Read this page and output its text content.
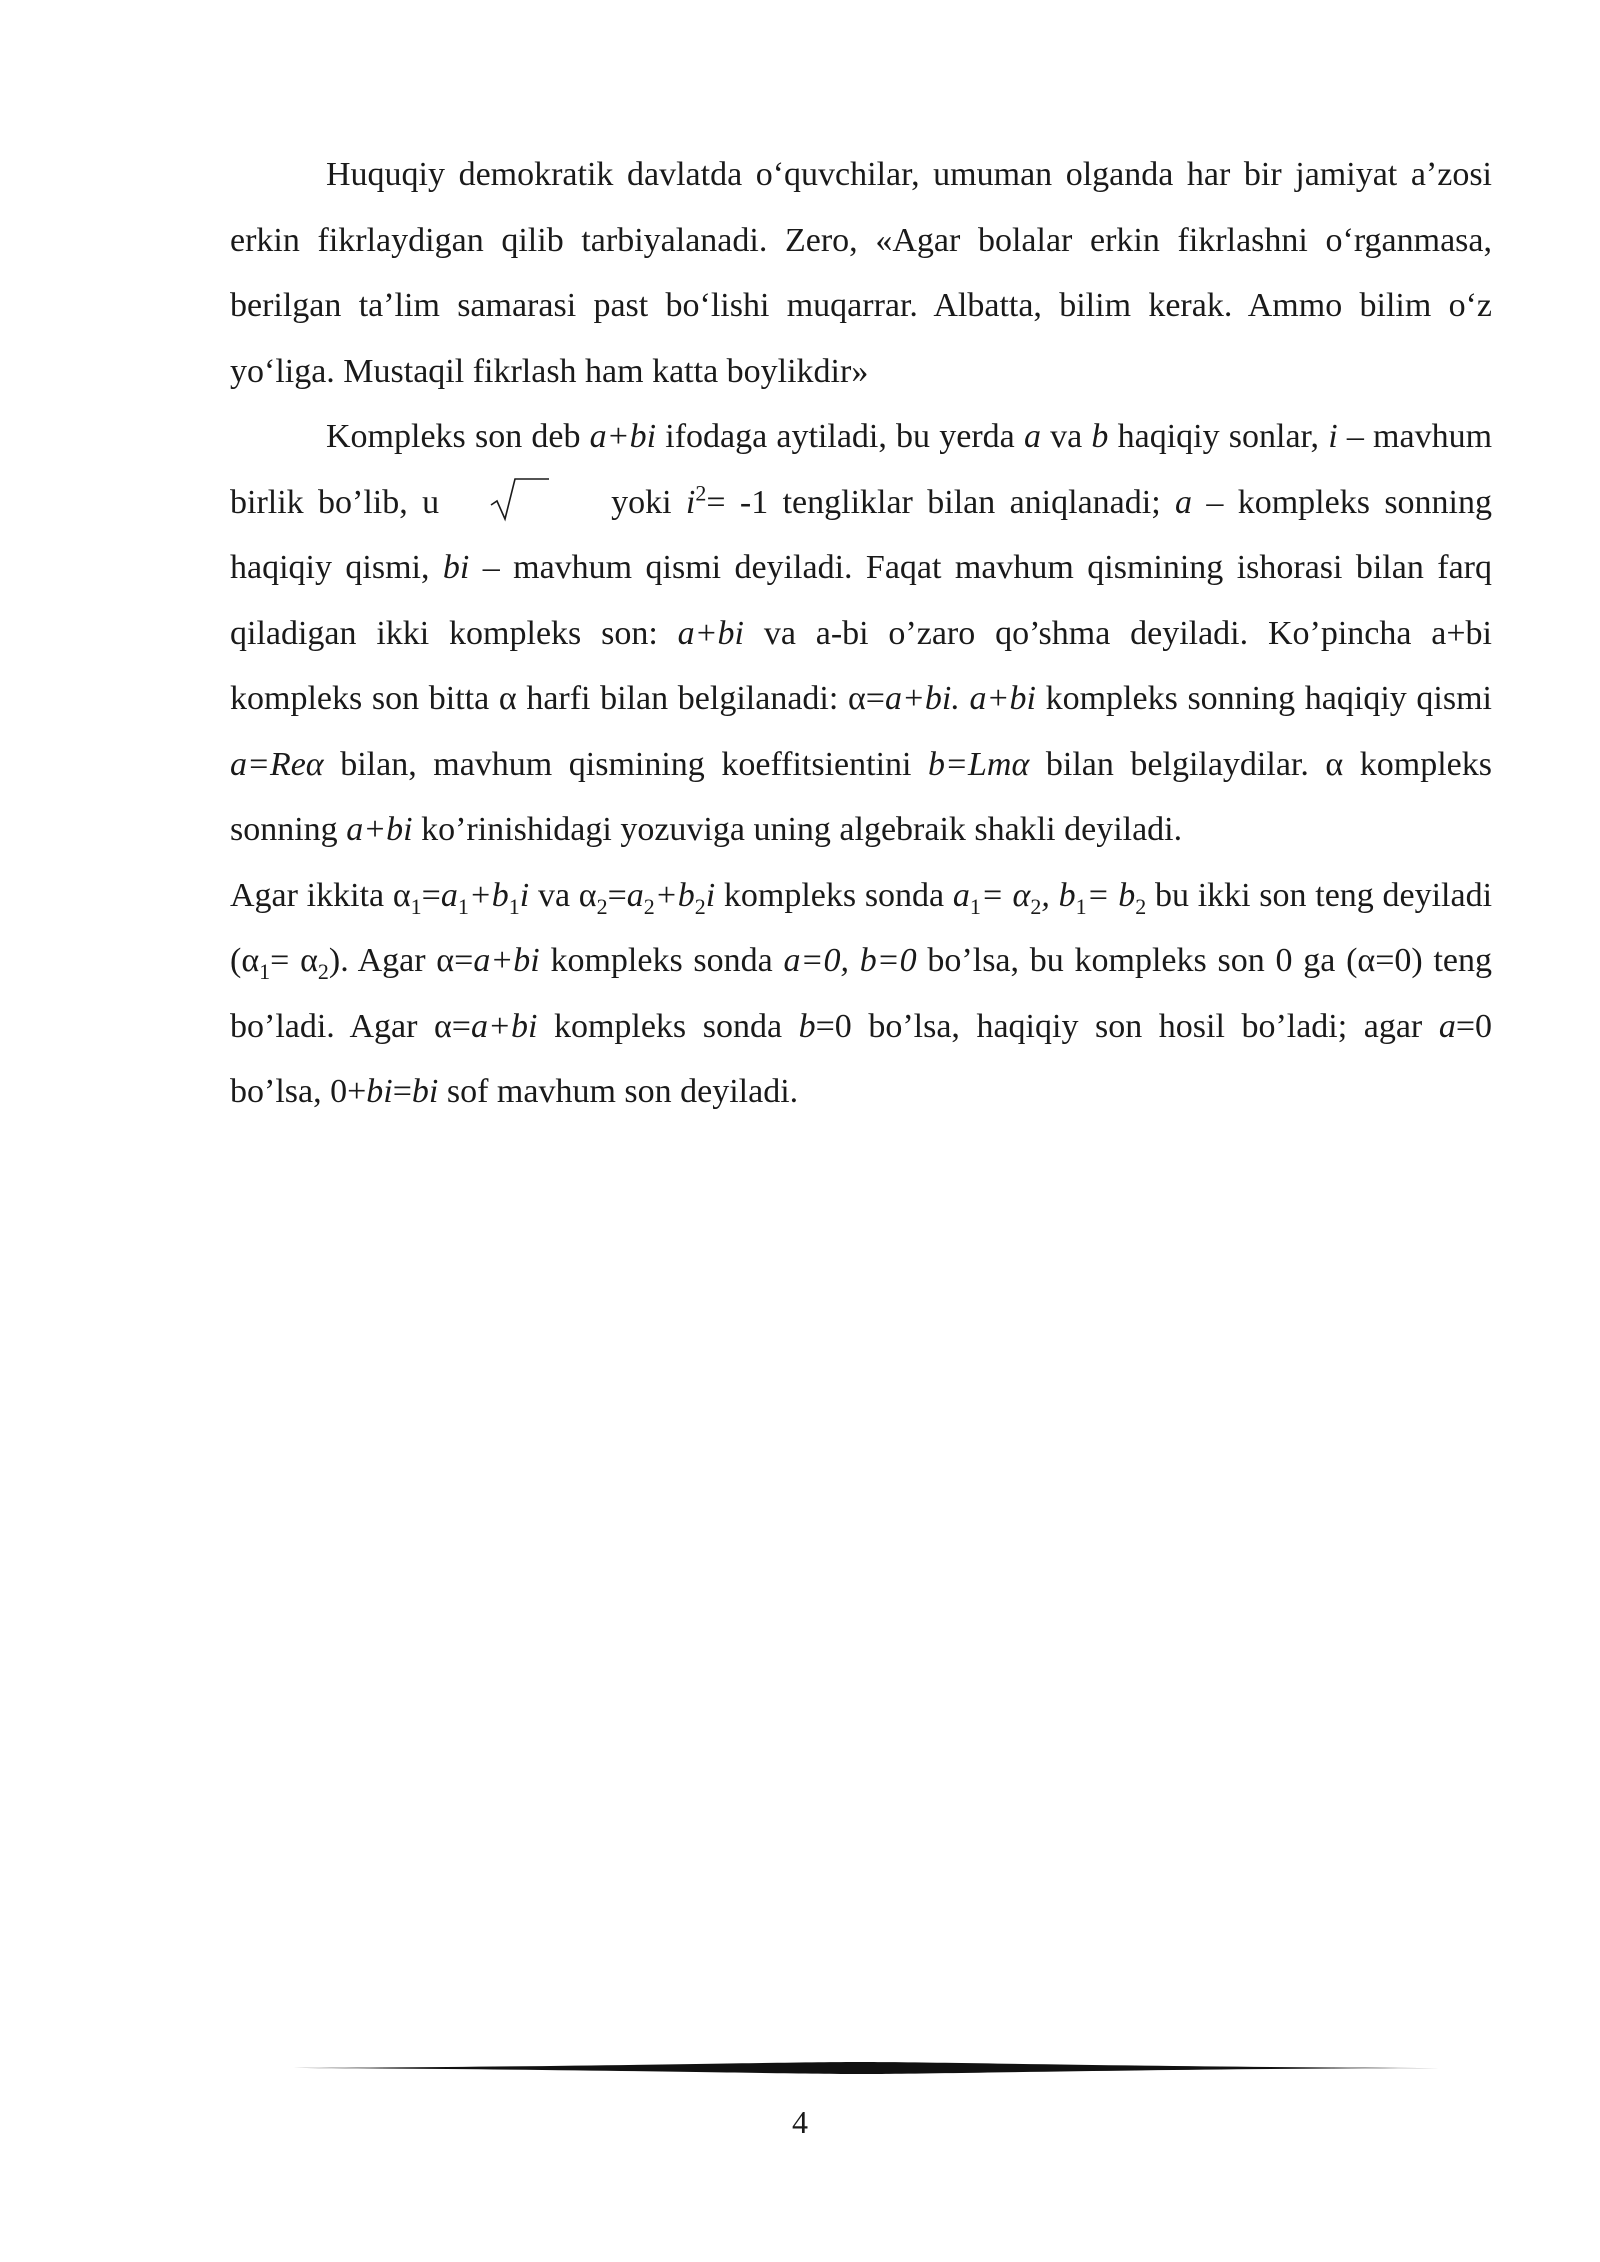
Huquqiy demokratik davlatda oʻquvchilar, umuman olganda har bir jamiyat aʼzosi erkin fikrlaydigan qilib tarbiyalanadi. Zero, «Agar bolalar erkin fikrlashni oʻrganmasa, berilgan taʼlim samarasi past boʻlishi muqarrar. Albatta, bilim kerak. Ammo bilim oʻz yoʻliga. Mustaqil fikrlash ham katta boylikdir»

Kompleks son deb a+bi ifodaga aytiladi, bu yerda a va b haqiqiy sonlar, i – mavhum birlik bo’lib, u	yoki $i^2= -1$ tengliklar bilan aniqlanadi; a – kompleks sonning haqiqiy qismi, bi – mavhum qismi deyiladi. Faqat mavhum qismining ishorasi bilan farq qiladigan ikki kompleks son: a+bi va a-bi o’zaro qo’shma deyiladi. Ko’pincha a+bi kompleks son bitta α harfi bilan belgilanadi: α=a+bi. a+bi kompleks sonning haqiqiy qismi a=Reα bilan, mavhum qismining koeffitsientini b=Lmα bilan belgilaydilar. α kompleks sonning a+bi ko’rinishidagi yozuviga uning algebraik shakli deyiladi.

Agar ikkita $\alpha_1=a_1+b_1i$ va $\alpha_2=a_2+b_2i$ kompleks sonda $a_1= \alpha_2$, $b_1= b_2$ bu ikki son teng deyiladi $(\alpha_1= \alpha_2)$. Agar α=a+bi kompleks sonda a=0, b=0 bo’lsa, bu kompleks son 0 ga (α=0) teng bo’ladi. Agar α=a+bi kompleks sonda b=0 bo’lsa, haqiqiy son hosil bo’ladi; agar a=0 bo’lsa, 0+bi=bi sof mavhum son deyiladi.

4
